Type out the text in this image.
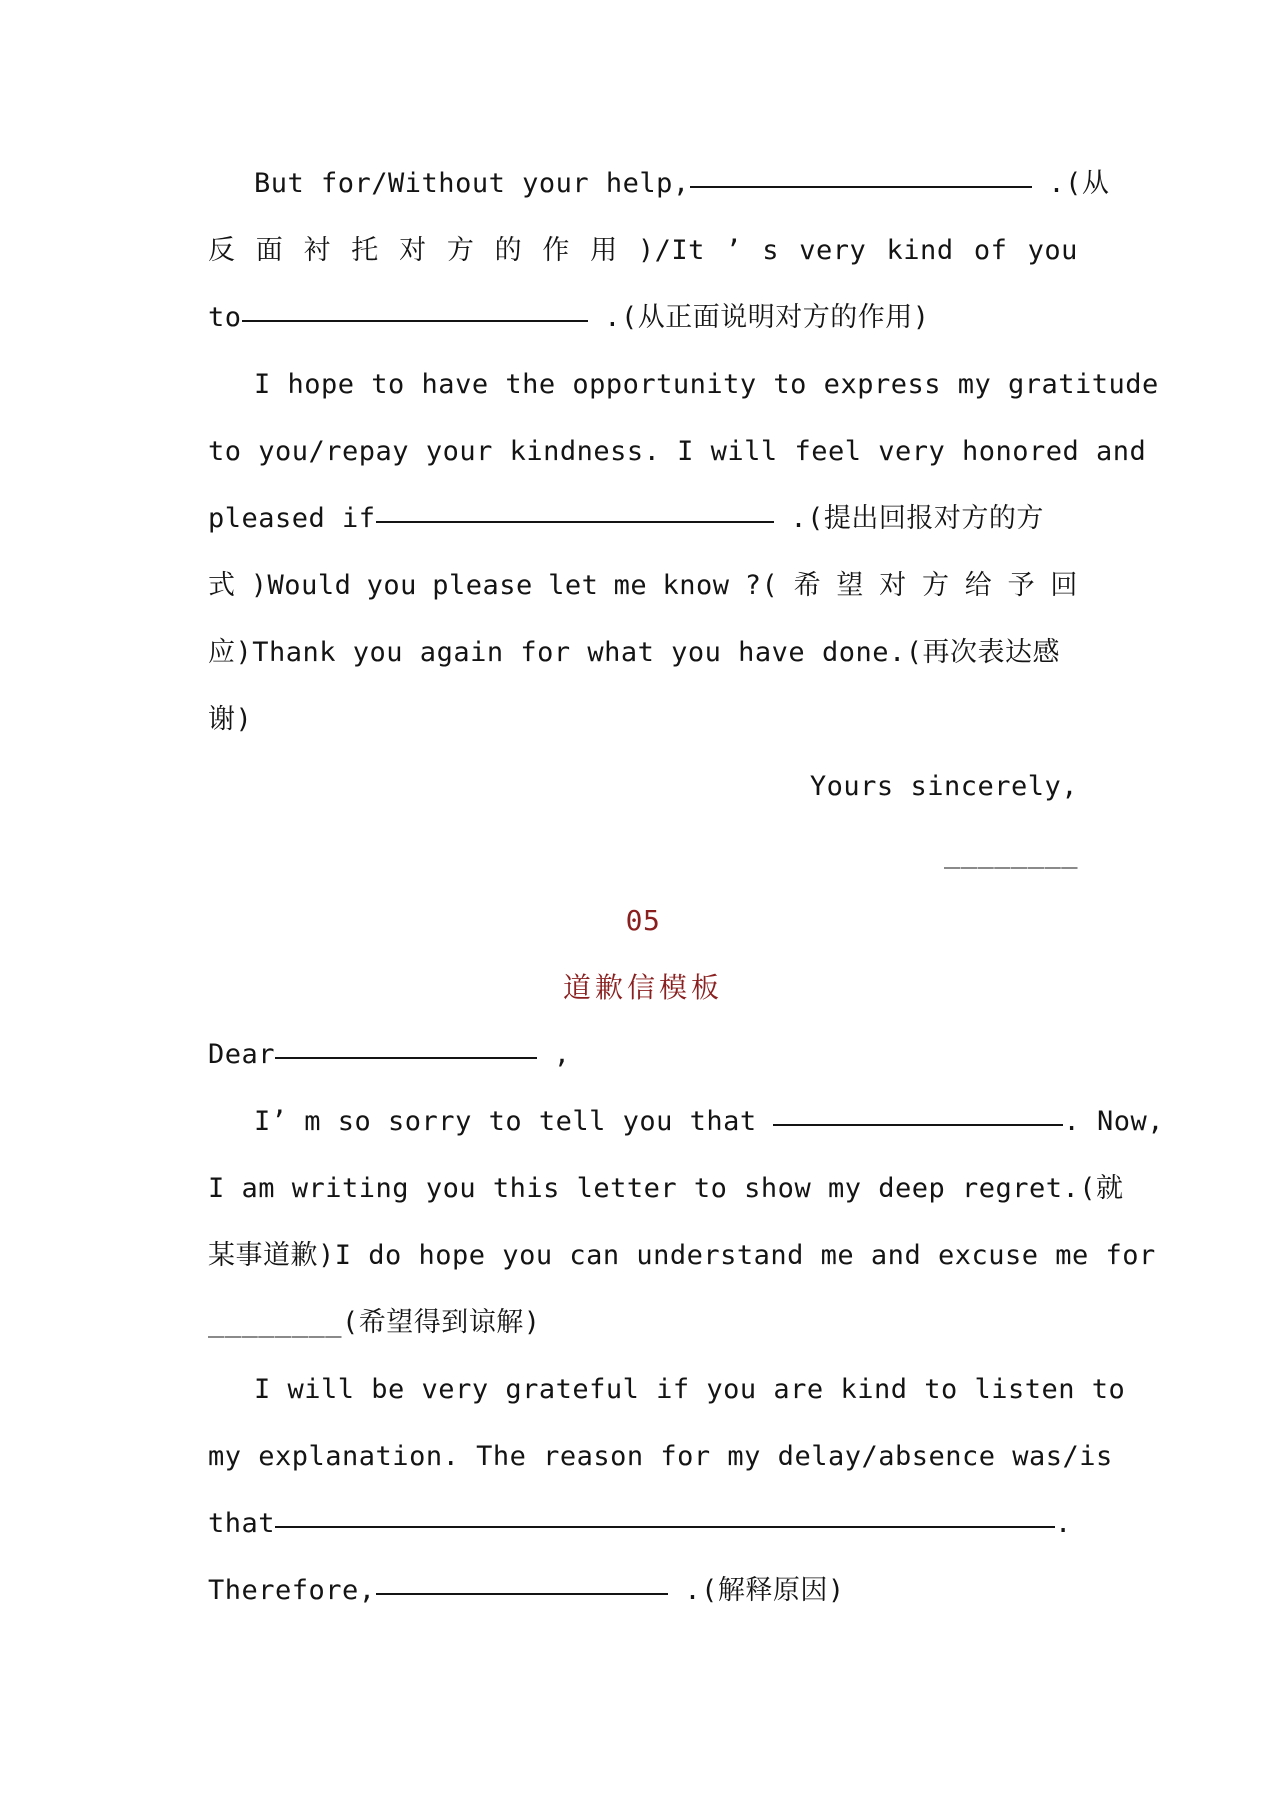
But for/Without your help,	.(从
反 面 衬 托 对 方 的 作 用 )/It ’ s very kind of you
to	.(从正面说明对方的作用)
I hope to have the opportunity to express my gratitude
to you/repay your kindness. I will feel very honored and
pleased if	.(提出回报对方的方
式 )Would you please let me know ?( 希 望 对 方 给 予 回
应)Thank you again for what you have done.(再次表达感
谢)
Yours sincerely,
________
05
道歉信模板
Dear	,
I’ m so sorry to tell you that	. Now,
I am writing you this letter to show my deep regret.(就
某事道歉)I do hope you can understand me and excuse me for
________(希望得到谅解)
I will be very grateful if you are kind to listen to
my explanation. The reason for my delay/absence was/is
that	.
Therefore,	.(解释原因)
